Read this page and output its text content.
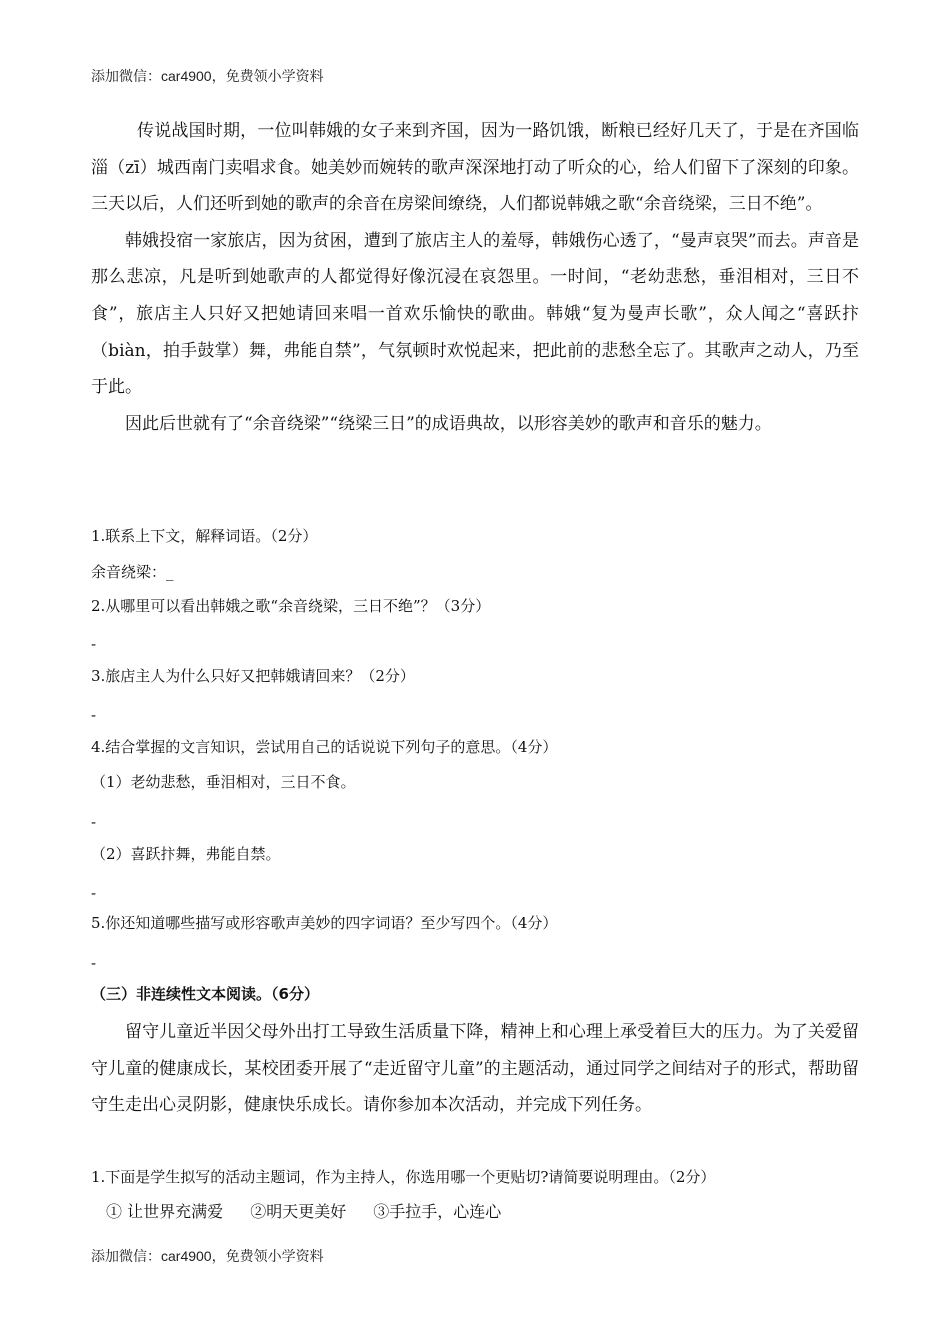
添加微信：car4900，免费领小学资料

传说战国时期，一位叫韩娥的女子来到齐国，因为一路饥饿，断粮已经好几天了，于是在齐国临淄（zī）城西南门卖唱求食。她美妙而婉转的歌声深深地打动了听众的心，给人们留下了深刻的印象。三天以后，人们还听到她的歌声的余音在房梁间缭绕，人们都说韩娥之歌“余音绕梁，三日不绝”。

韩娥投宿一家旅店，因为贫困，遭到了旅店主人的羞辱，韩娥伤心透了，“曼声哀哭”而去。声音是那么悲凉，凡是听到她歌声的人都觉得好像沉浸在哀怨里。一时间，“老幼悲愁，垂泪相对，三日不食”，旅店主人只好又把她请回来唱一首欢乐愉快的歌曲。韩娥“复为曼声长歌”，众人闻之“喜跃抃（biàn，拍手鼓掌）舞，弗能自禁”，气氛顿时欢悦起来，把此前的悲愁全忘了。其歌声之动人，乃至于此。

因此后世就有了“余音绕梁”“绕梁三日”的成语典故，以形容美妙的歌声和音乐的魅力。

1.联系上下文，解释词语。（2分）

余音绕梁：_

2.从哪里可以看出韩娥之歌“余音绕梁，三日不绝”？（3分）

-

3.旅店主人为什么只好又把韩娥请回来？（2分）

-

4.结合掌握的文言知识，尝试用自己的话说说下列句子的意思。（4分）

（1）老幼悲愁，垂泪相对，三日不食。

-

（2）喜跃抃舞，弗能自禁。

-

5.你还知道哪些描写或形容歌声美妙的四字词语？至少写四个。（4分）

-

（三）非连续性文本阅读。（6分）

留守儿童近半因父母外出打工导致生活质量下降，精神上和心理上承受着巨大的压力。为了关爱留守儿童的健康成长，某校团委开展了“走近留守儿童”的主题活动，通过同学之间结对子的形式，帮助留守生走出心灵阴影，健康快乐成长。请你参加本次活动，并完成下列任务。

1.下面是学生拟写的活动主题词，作为主持人，你选用哪一个更贴切?请简要说明理由。（2分）

① 让世界充满爱 ②明天更美好 ③手拉手，心连心

添加微信：car4900，免费领小学资料
